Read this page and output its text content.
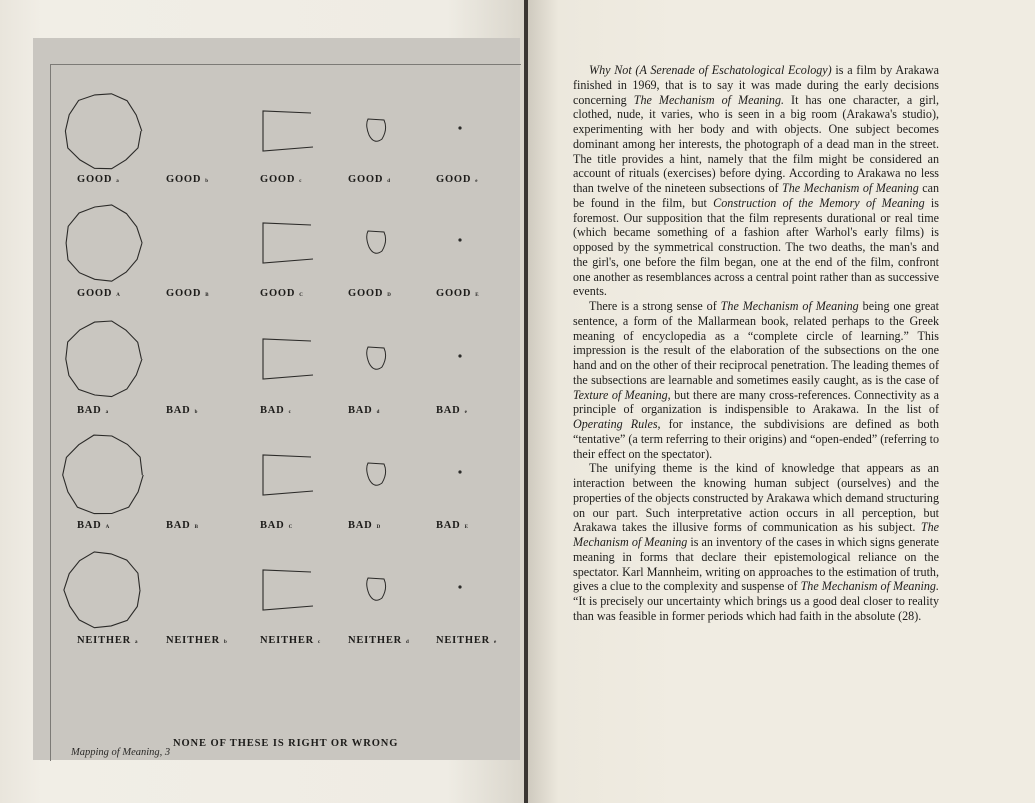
GOOD a	GOOD b	GOOD c	GOOD d	GOOD e
GOOD A	GOOD B	GOOD C	GOOD D	GOOD E
BAD a	BAD b	BAD c	BAD d	BAD e
BAD A	BAD B	BAD C	BAD D	BAD E
NEITHER a	NEITHER b	NEITHER c	NEITHER d	NEITHER e
NONE OF THESE IS RIGHT OR WRONG
Mapping of Meaning, 3

Why Not (A Serenade of Eschatological Ecology) is a film by Arakawa finished in 1969, that is to say it was made during the early decisions concerning The Mechanism of Meaning. It has one character, a girl, clothed, nude, it varies, who is seen in a big room (Arakawa's studio), experimenting with her body and with objects. One subject becomes dominant among her interests, the photograph of a dead man in the street. The title provides a hint, namely that the film might be considered an account of rituals (exercises) before dying. According to Arakawa no less than twelve of the nineteen subsections of The Mechanism of Meaning can be found in the film, but Construction of the Memory of Meaning is foremost. Our supposition that the film represents durational or real time (which became something of a fashion after Warhol's early films) is opposed by the symmetrical construction. The two deaths, the man's and the girl's, one before the film began, one at the end of the film, confront one another as resemblances across a central point rather than as successive events.

There is a strong sense of The Mechanism of Meaning being one great sentence, a form of the Mallarmean book, related perhaps to the Greek meaning of encyclopedia as a “complete circle of learning.” This impression is the result of the elaboration of the subsections on the one hand and on the other of their reciprocal penetration. The leading themes of the subsections are learnable and sometimes easily caught, as is the case of Texture of Meaning, but there are many cross-references. Connectivity as a principle of organization is indispensible to Arakawa. In the list of Operating Rules, for instance, the subdivisions are defined as both “tentative” (a term referring to their origins) and “open-ended” (referring to their effect on the spectator).

The unifying theme is the kind of knowledge that appears as an interaction between the knowing human subject (ourselves) and the properties of the objects constructed by Arakawa which demand structuring on our part. Such interpretative action occurs in all perception, but Arakawa takes the illusive forms of communication as his subject. The Mechanism of Meaning is an inventory of the cases in which signs generate meaning in forms that declare their epistemological reliance on the spectator. Karl Mannheim, writing on approaches to the estimation of truth, gives a clue to the complexity and suspense of The Mechanism of Meaning. “It is precisely our uncertainty which brings us a good deal closer to reality than was feasible in former periods which had faith in the absolute (28).
